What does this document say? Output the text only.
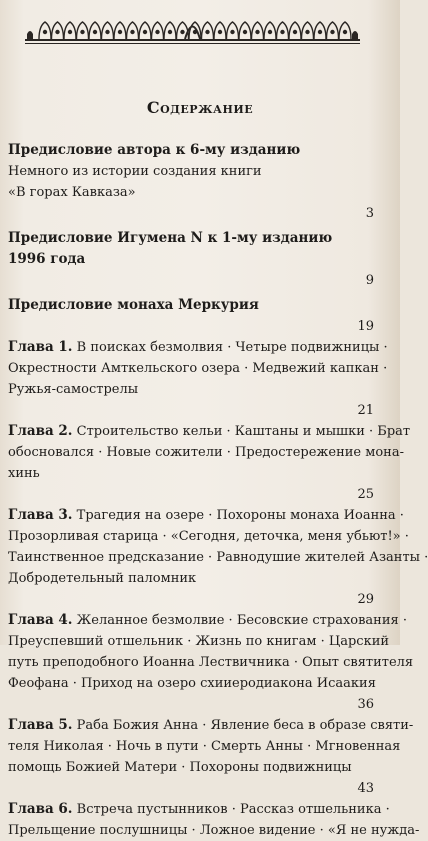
Содержание
Предисловие автора к 6-му изданию
Немного из истории создания книги
«В горах Кавказа»
3
Предисловие Игумена N к 1-му изданию
1996 года
9
Предисловие монаха Меркурия
19
Глава 1. В поисках безмолвия · Четыре подвижницы ·
Окрестности Амткельского озера · Медвежий капкан ·
Ружья-самострелы
21
Глава 2. Строительство кельи · Каштаны и мышки · Брат
обосновался · Новые сожители · Предостережение мона-
хинь
25
Глава 3. Трагедия на озере · Похороны монаха Иоанна ·
Прозорливая старица · «Сегодня, деточка, меня убьют!» ·
Таинственное предсказание · Равнодушие жителей Азанты ·
Добродетельный паломник
29
Глава 4. Желанное безмолвие · Бесовские страхования ·
Преуспевший отшельник · Жизнь по книгам · Царский
путь преподобного Иоанна Лествичника · Опыт святителя
Феофана · Приход на озеро схииеродиакона Исаакия
36
Глава 5. Раба Божия Анна · Явление беса в образе святи-
теля Николая · Ночь в пути · Смерть Анны · Мгновенная
помощь Божией Матери · Похороны подвижницы
43
Глава 6. Встреча пустынников · Рассказ отшельника ·
Прельщение послушницы · Ложное видение · «Я не нужда-
